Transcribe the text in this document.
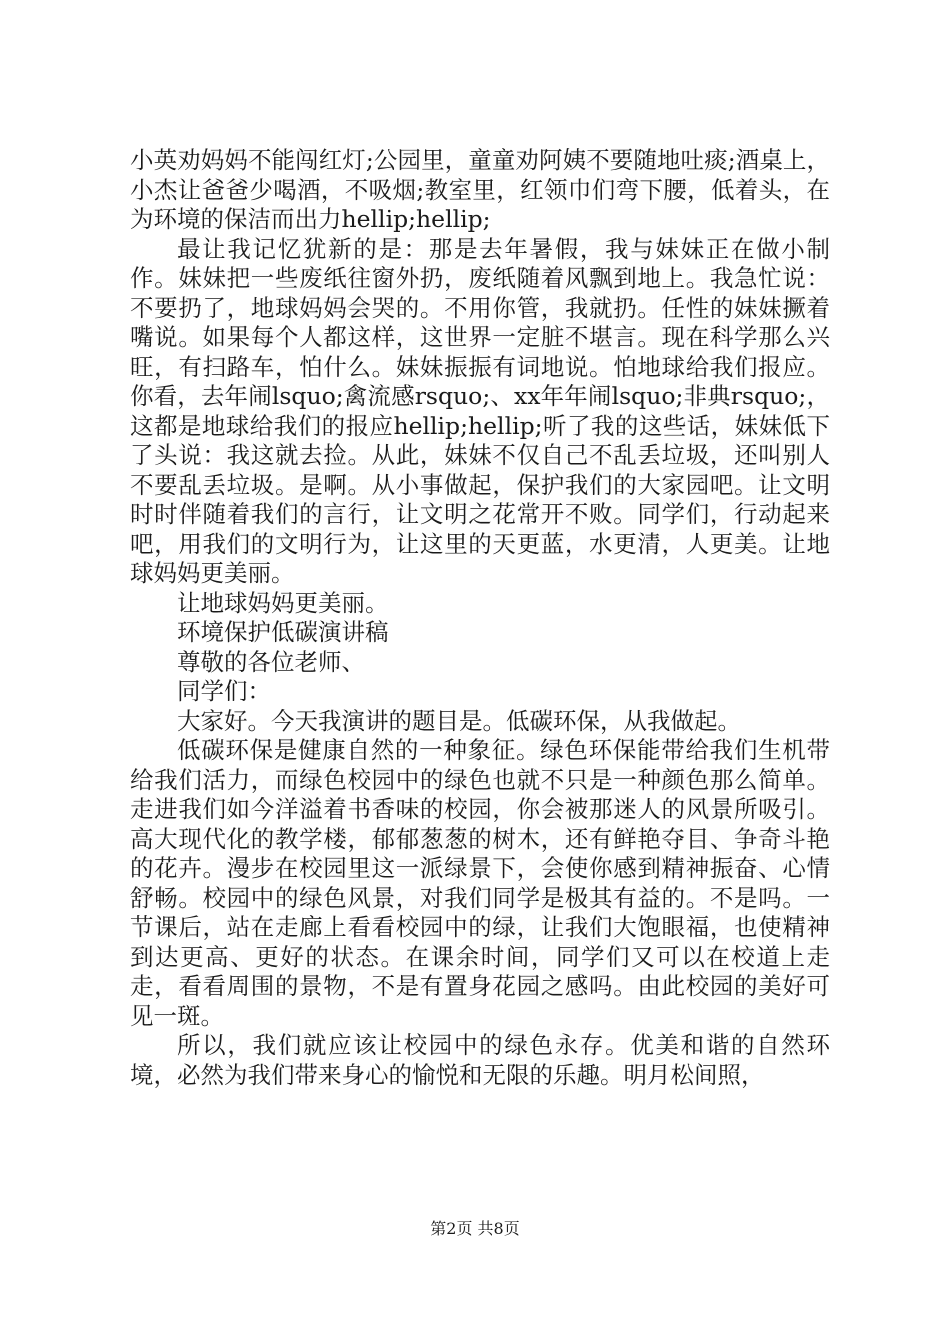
小英劝妈妈不能闯红灯;公园里，童童劝阿姨不要随地吐痰;酒桌上，小杰让爸爸少喝酒，不吸烟;教室里，红领巾们弯下腰，低着头，在为环境的保洁而出力hellip;hellip;

最让我记忆犹新的是：那是去年暑假，我与妹妹正在做小制作。妹妹把一些废纸往窗外扔，废纸随着风飘到地上。我急忙说：不要扔了，地球妈妈会哭的。不用你管，我就扔。任性的妹妹撅着嘴说。如果每个人都这样，这世界一定脏不堪言。现在科学那么兴旺，有扫路车，怕什么。妹妹振振有词地说。怕地球给我们报应。你看，去年闹lsquo;禽流感rsquo;、xx年年闹lsquo;非典rsquo;，这都是地球给我们的报应hellip;hellip;听了我的这些话，妹妹低下了头说：我这就去捡。从此，妹妹不仅自己不乱丢垃圾，还叫别人不要乱丢垃圾。是啊。从小事做起，保护我们的大家园吧。让文明时时伴随着我们的言行，让文明之花常开不败。同学们，行动起来吧，用我们的文明行为，让这里的天更蓝，水更清，人更美。让地球妈妈更美丽。

让地球妈妈更美丽。

环境保护低碳演讲稿

尊敬的各位老师、

同学们：

大家好。今天我演讲的题目是。低碳环保，从我做起。

低碳环保是健康自然的一种象征。绿色环保能带给我们生机带给我们活力，而绿色校园中的绿色也就不只是一种颜色那么简单。走进我们如今洋溢着书香味的校园，你会被那迷人的风景所吸引。高大现代化的教学楼，郁郁葱葱的树木，还有鲜艳夺目、争奇斗艳的花卉。漫步在校园里这一派绿景下，会使你感到精神振奋、心情舒畅。校园中的绿色风景，对我们同学是极其有益的。不是吗。一节课后，站在走廊上看看校园中的绿，让我们大饱眼福，也使精神到达更高、更好的状态。在课余时间，同学们又可以在校道上走走，看看周围的景物，不是有置身花园之感吗。由此校园的美好可见一斑。

所以，我们就应该让校园中的绿色永存。优美和谐的自然环境，必然为我们带来身心的愉悦和无限的乐趣。明月松间照，

第2页 共8页
